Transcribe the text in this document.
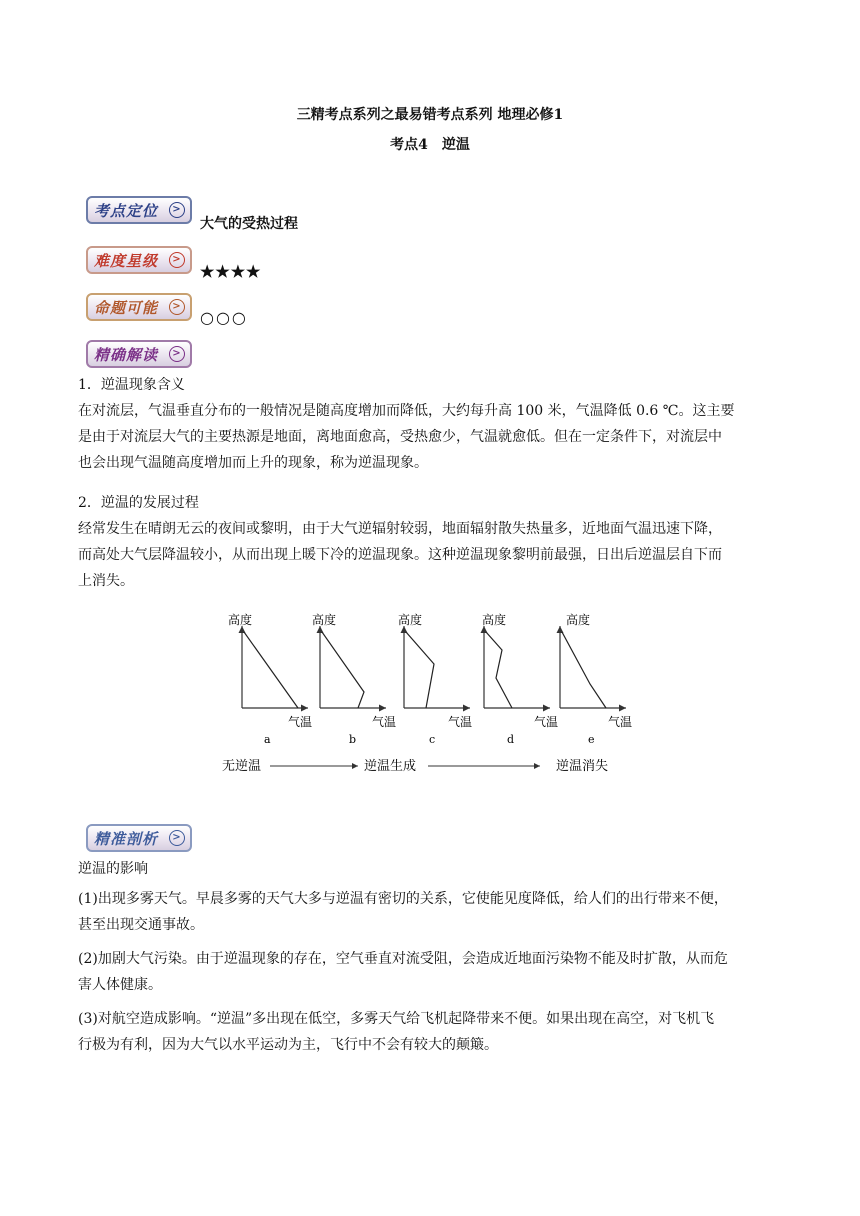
三精考点系列之最易错考点系列 地理必修1
考点4　逆温
考点定位	>
大气的受热过程
难度星级	>
★★★★
命题可能	>
○○○
精确解读	>
1．逆温现象含义
在对流层，气温垂直分布的一般情况是随高度增加而降低，大约每升高 100 米，气温降低 0.6 ℃。这主要
是由于对流层大气的主要热源是地面，离地面愈高，受热愈少，气温就愈低。但在一定条件下，对流层中
也会出现气温随高度增加而上升的现象，称为逆温现象。
2．逆温的发展过程
经常发生在晴朗无云的夜间或黎明，由于大气逆辐射较弱，地面辐射散失热量多，近地面气温迅速下降，
而高处大气层降温较小，从而出现上暖下冷的逆温现象。这种逆温现象黎明前最强，日出后逆温层自下而
上消失。
高度
气温
a
高度
气温
b
高度
气温
c
高度
气温
d
高度
气温
e
无逆温	逆温生成	逆温消失
精准剖析	>
逆温的影响
(1)出现多雾天气。早晨多雾的天气大多与逆温有密切的关系，它使能见度降低，给人们的出行带来不便，
甚至出现交通事故。
(2)加剧大气污染。由于逆温现象的存在，空气垂直对流受阻，会造成近地面污染物不能及时扩散，从而危
害人体健康。
(3)对航空造成影响。“逆温”多出现在低空，多雾天气给飞机起降带来不便。如果出现在高空，对飞机飞
行极为有利，因为大气以水平运动为主，飞行中不会有较大的颠簸。
